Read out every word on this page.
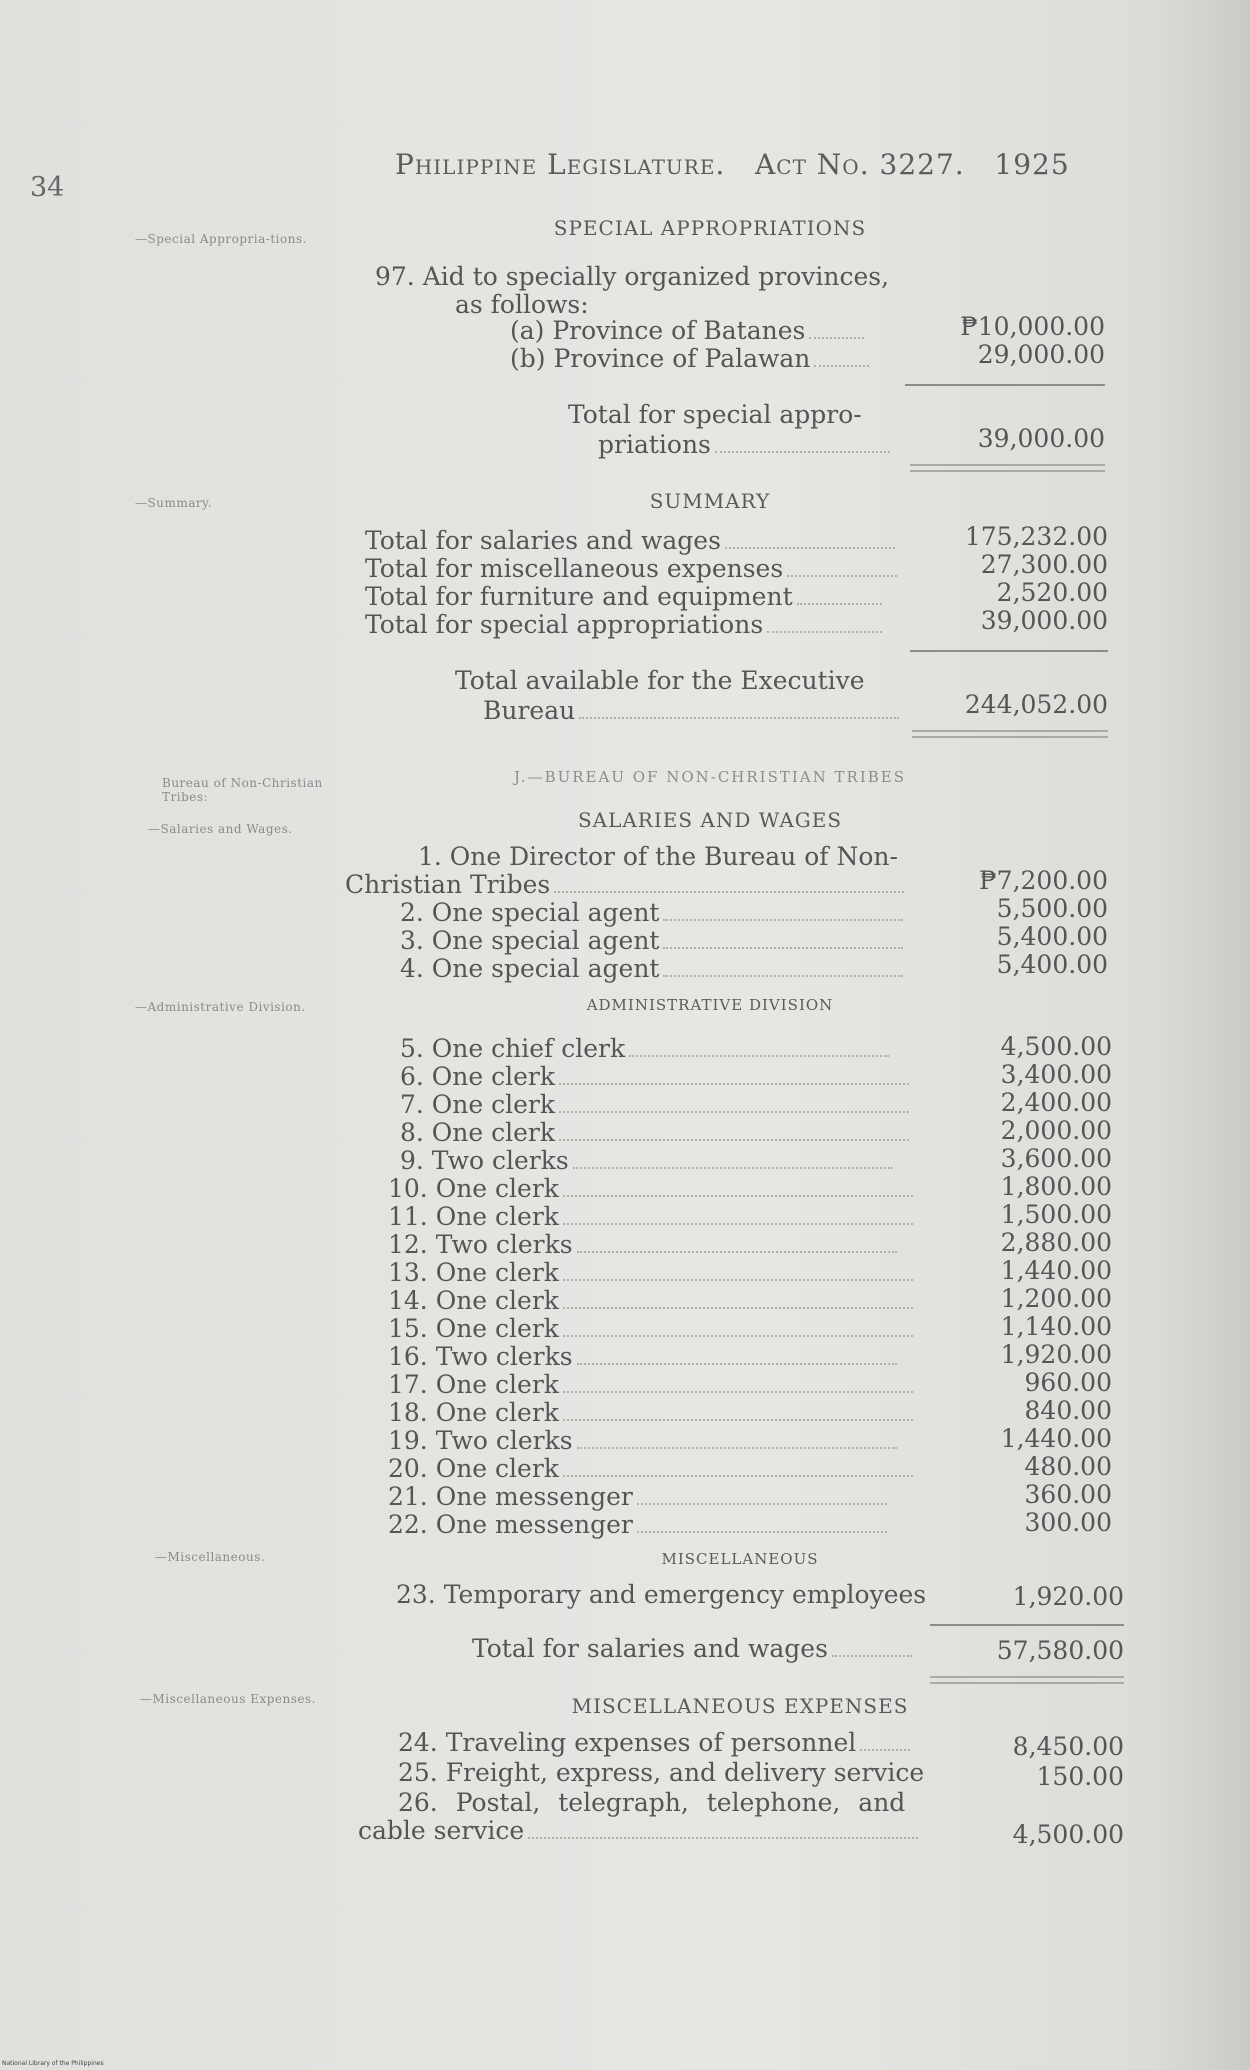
34
Philippine Legislature. Act No. 3227. 1925
—Special Appropria-tions.
—Summary.
Bureau of Non-Christian Tribes:
—Salaries and Wages.
—Administrative Division.
—Miscellaneous.
—Miscellaneous Expenses.
SPECIAL APPROPRIATIONS
97. Aid to specially organized provinces,
as follows:
(a) Province of Batanes	₱10,000.00
(b) Province of Palawan	29,000.00
Total for special appro-
priations	39,000.00
SUMMARY
Total for salaries and wages	175,232.00
Total for miscellaneous expenses	27,300.00
Total for furniture and equipment	2,520.00
Total for special appropriations	39,000.00
Total available for the Executive
Bureau	244,052.00
J.—BUREAU OF NON-CHRISTIAN TRIBES
SALARIES AND WAGES
1. One Director of the Bureau of Non-
Christian Tribes	₱7,200.00
2. One special agent	5,500.00
3. One special agent	5,400.00
4. One special agent	5,400.00
ADMINISTRATIVE DIVISION
5. One chief clerk	4,500.00
6. One clerk	3,400.00
7. One clerk	2,400.00
8. One clerk	2,000.00
9. Two clerks	3,600.00
10. One clerk	1,800.00
11. One clerk	1,500.00
12. Two clerks	2,880.00
13. One clerk	1,440.00
14. One clerk	1,200.00
15. One clerk	1,140.00
16. Two clerks	1,920.00
17. One clerk	960.00
18. One clerk	840.00
19. Two clerks	1,440.00
20. One clerk	480.00
21. One messenger	360.00
22. One messenger	300.00
MISCELLANEOUS
23. Temporary and emergency employees	1,920.00
Total for salaries and wages	57,580.00
MISCELLANEOUS EXPENSES
24. Traveling expenses of personnel	8,450.00
25. Freight, express, and delivery service	150.00
26. Postal, telegraph, telephone, and
cable service	4,500.00
National Library of the Philippines
